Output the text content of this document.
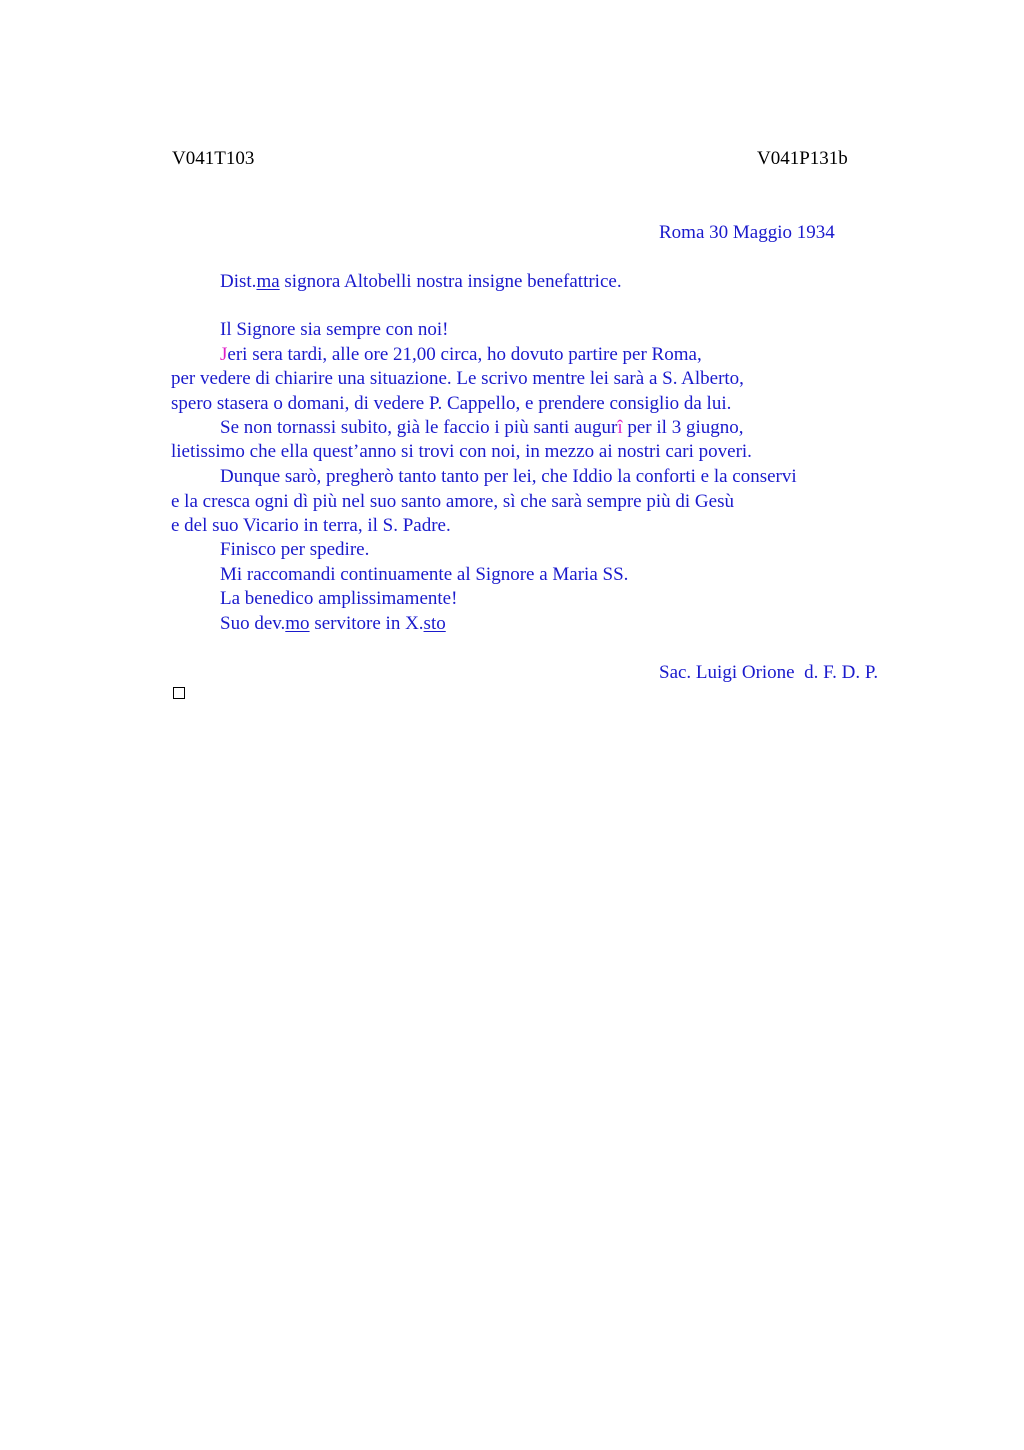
V041T103	V041P131b
Roma 30 Maggio 1934
Dist.ma signora Altobelli nostra insigne benefattrice.
Il Signore sia sempre con noi!
Jeri sera tardi, alle ore 21,00 circa, ho dovuto partire per Roma,
per vedere di chiarire una situazione. Le scrivo mentre lei sarà a S. Alberto,
spero stasera o domani, di vedere P. Cappello, e prendere consiglio da lui.
Se non tornassi subito, già le faccio i più santi augurî per il 3 giugno,
lietissimo che ella quest’anno si trovi con noi, in mezzo ai nostri cari poveri.
Dunque sarò, pregherò tanto tanto per lei, che Iddio la conforti e la conservi
e la cresca ogni dì più nel suo santo amore, sì che sarà sempre più di Gesù
e del suo Vicario in terra, il S. Padre.
Finisco per spedire.
Mi raccomandi continuamente al Signore a Maria SS.
La benedico amplissimamente!
Suo dev.mo servitore in X.sto
Sac. Luigi Orione  d. F. D. P.
